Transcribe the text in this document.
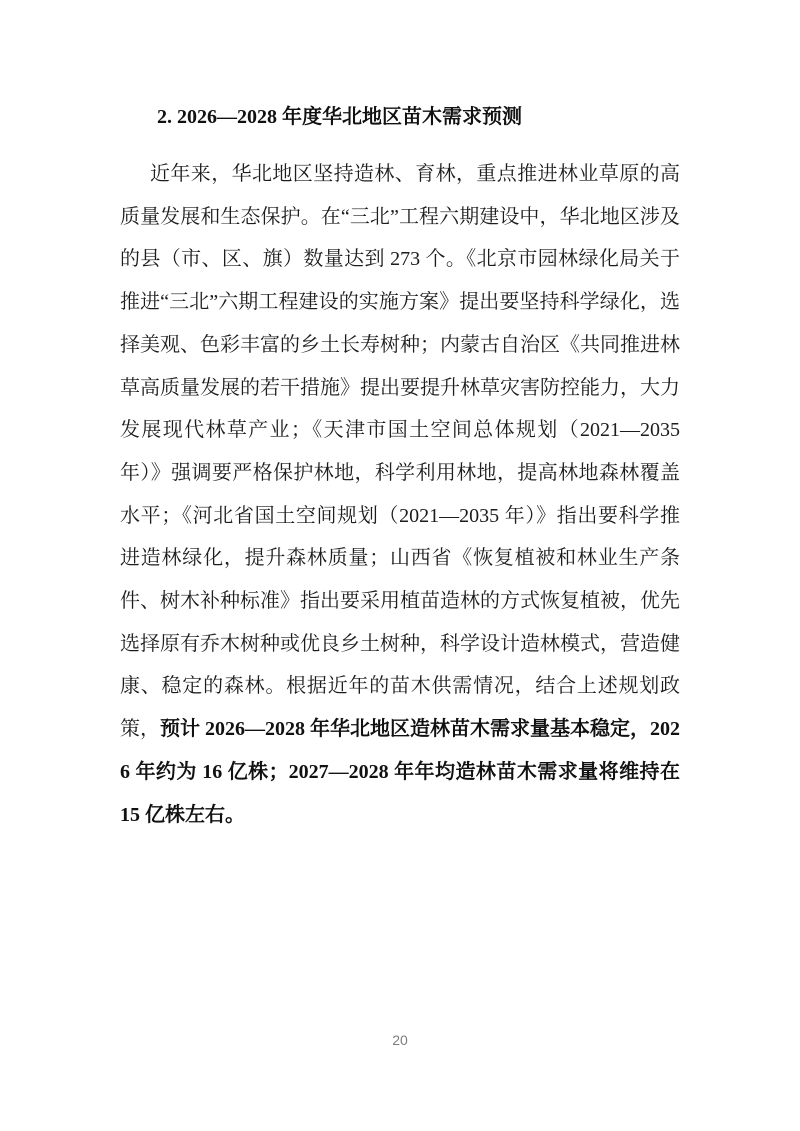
2. 2026—2028 年度华北地区苗木需求预测

近年来，华北地区坚持造林、育林，重点推进林业草原的高质量发展和生态保护。在“三北”工程六期建设中，华北地区涉及的县（市、区、旗）数量达到 273 个。《北京市园林绿化局关于推进“三北”六期工程建设的实施方案》提出要坚持科学绿化，选择美观、色彩丰富的乡土长寿树种；内蒙古自治区《共同推进林草高质量发展的若干措施》提出要提升林草灾害防控能力，大力发展现代林草产业；《天津市国土空间总体规划（2021—2035 年）》强调要严格保护林地，科学利用林地，提高林地森林覆盖水平；《河北省国土空间规划（2021—2035 年）》指出要科学推进造林绿化，提升森林质量；山西省《恢复植被和林业生产条件、树木补种标准》指出要采用植苗造林的方式恢复植被，优先选择原有乔木树种或优良乡土树种，科学设计造林模式，营造健康、稳定的森林。根据近年的苗木供需情况，结合上述规划政策，预计 2026—2028 年华北地区造林苗木需求量基本稳定，2026 年约为 16 亿株；2027—2028 年年均造林苗木需求量将维持在 15 亿株左右。

20
